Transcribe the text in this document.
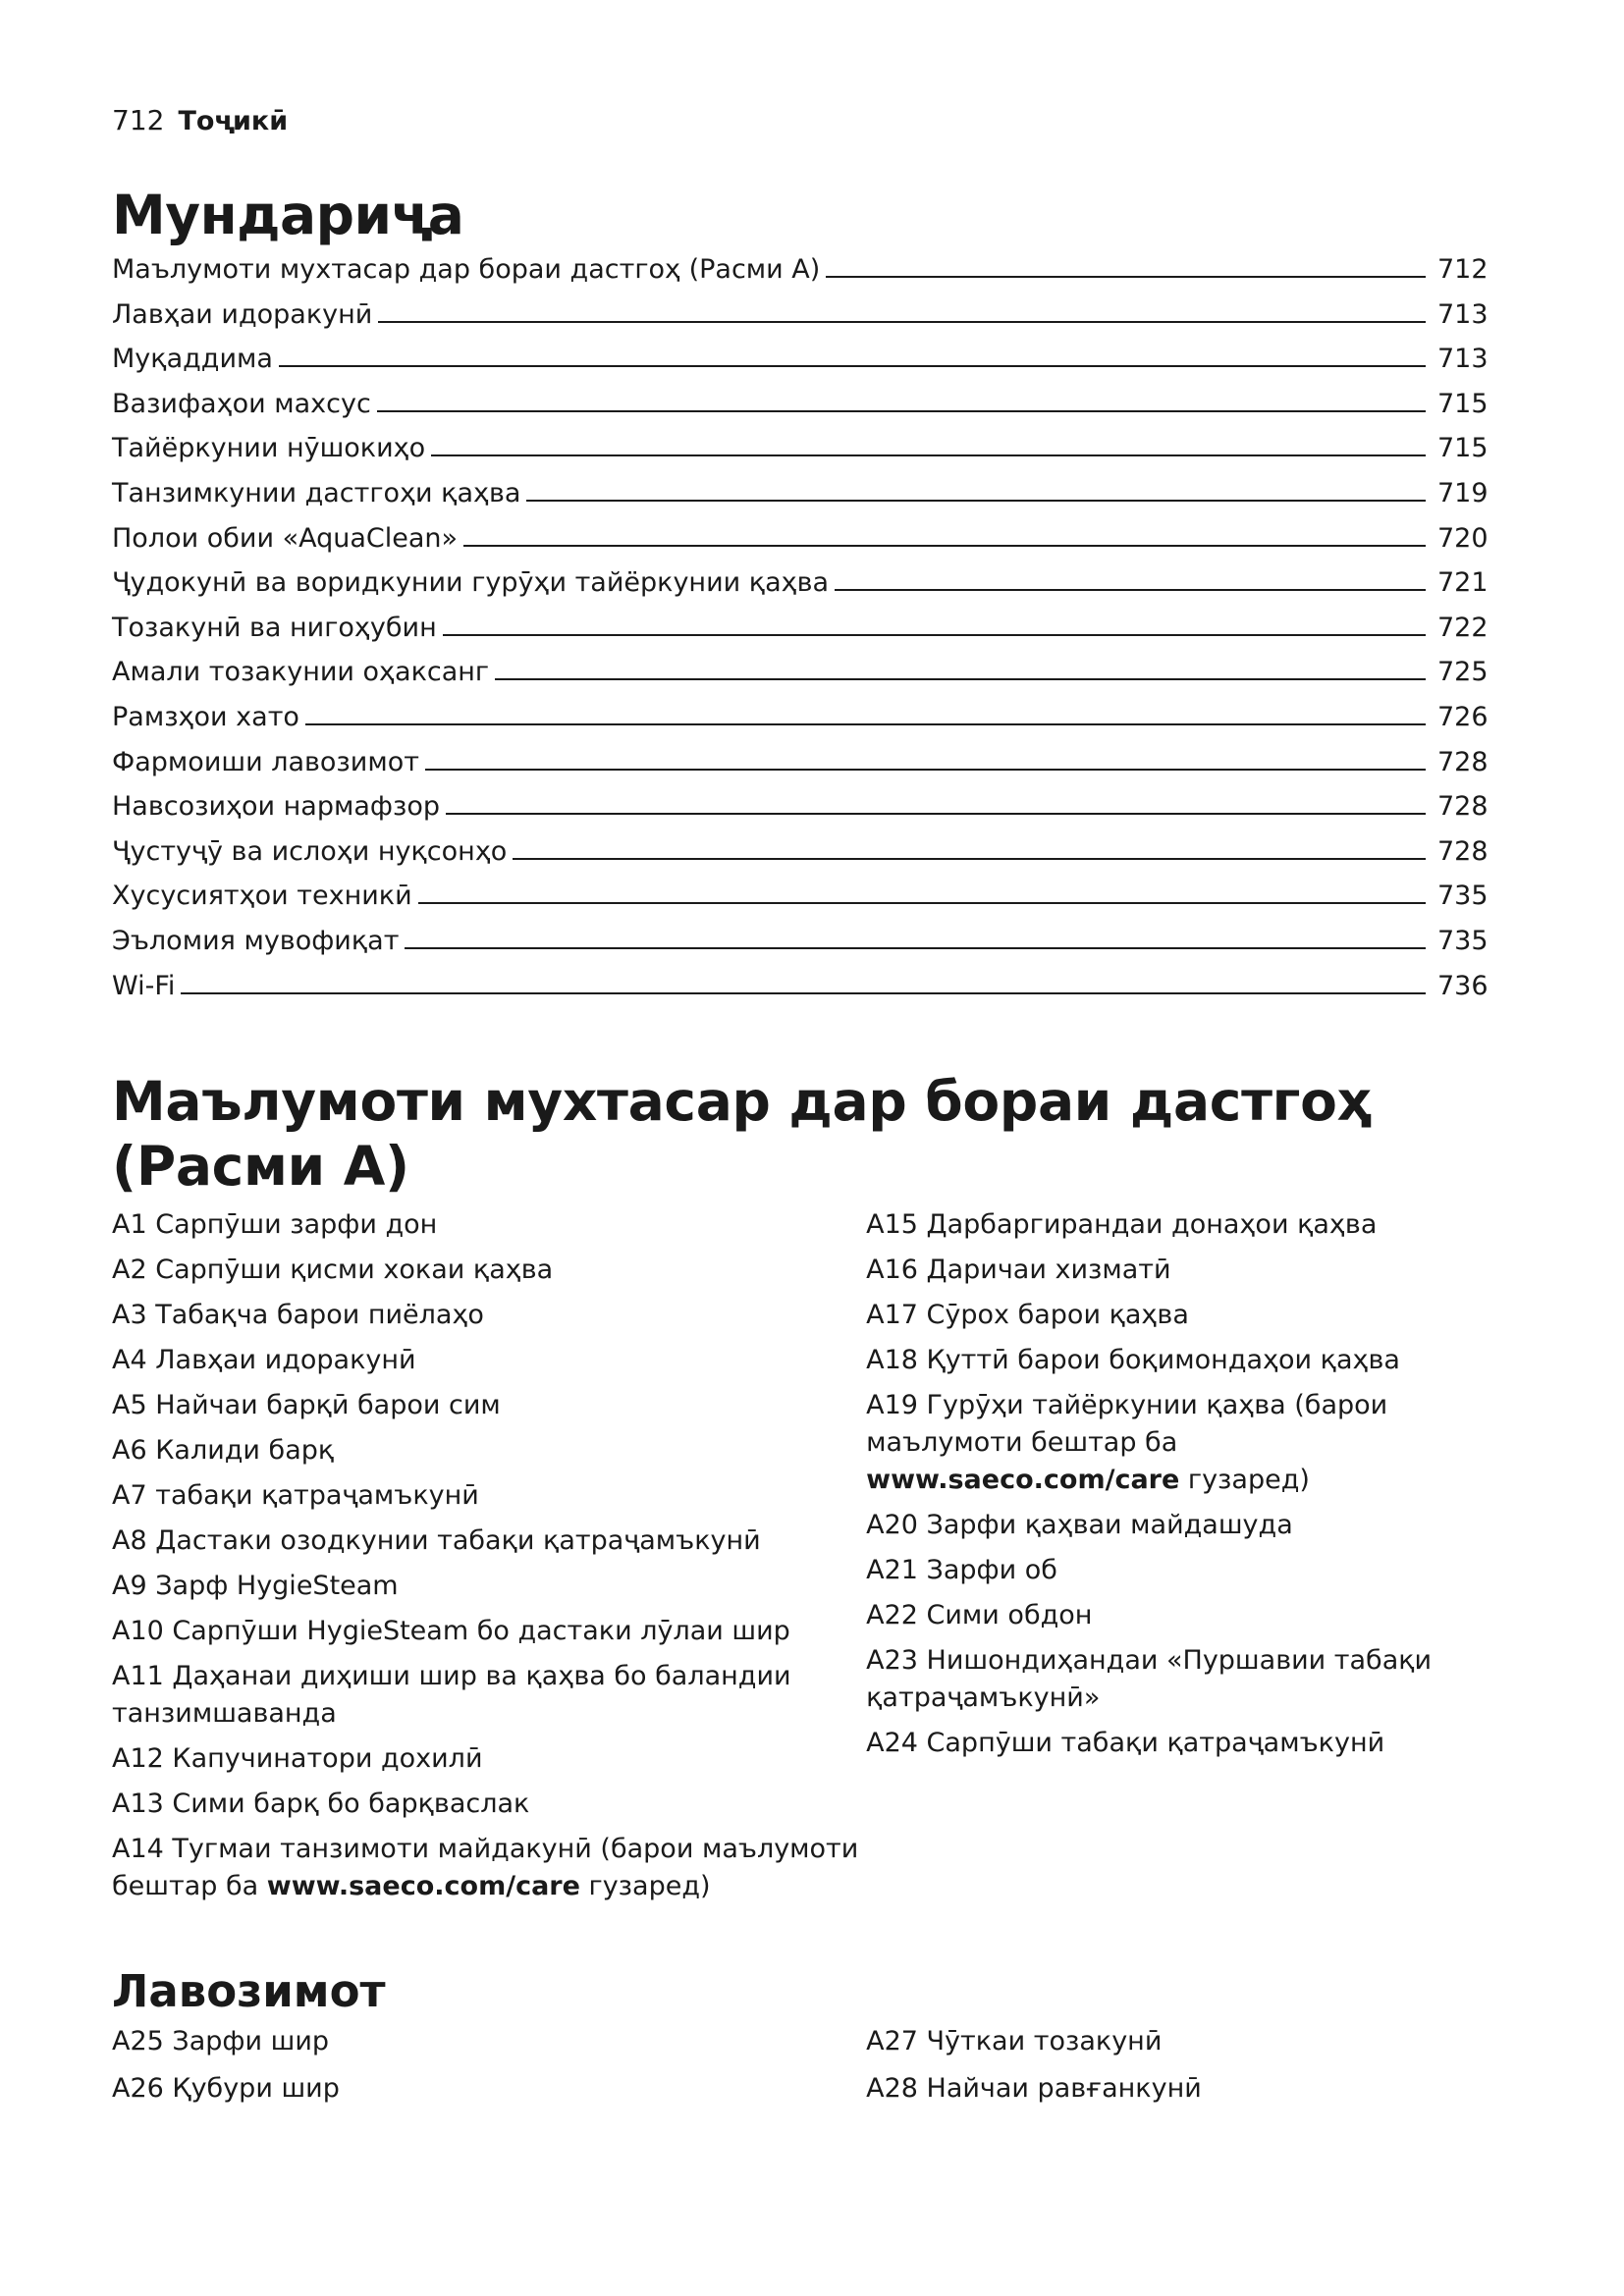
712 Тоҷикӣ
Мундариҷа
Маълумоти мухтасар дар бораи дастгоҳ (Расми A)	712
Лавҳаи идоракунӣ	713
Муқаддима	713
Вазифаҳои махсус	715
Тайёркунии нӯшокиҳо	715
Танзимкунии дастгоҳи қаҳва	719
Полои обии «AquaClean»	720
Ҷудокунӣ ва воридкунии гурӯҳи тайёркунии қаҳва	721
Тозакунӣ ва нигоҳубин	722
Амали тозакунии оҳаксанг	725
Рамзҳои хато	726
Фармоиши лавозимот	728
Навсозиҳои нармафзор	728
Ҷустуҷӯ ва ислоҳи нуқсонҳо	728
Хусусиятҳои техникӣ	735
Эъломия мувофиқат	735
Wi-Fi	736
Маълумоти мухтасар дар бораи дастгоҳ (Расми A)
A1 Сарпӯши зарфи дон
A2 Сарпӯши қисми хокаи қаҳва
A3 Табақча барои пиёлаҳо
A4 Лавҳаи идоракунӣ
A5 Найчаи барқӣ барои сим
A6 Калиди барқ
A7 табақи қатраҷамъкунӣ
A8 Дастаки озодкунии табақи қатраҷамъкунӣ
A9 Зарф HygieSteam
A10 Сарпӯши HygieSteam бо дастаки лӯлаи шир
A11 Даҳанаи диҳиши шир ва қаҳва бо баландии танзимшаванда
A12 Капучинатори дохилӣ
A13 Сими барқ бо барқваслак
A14 Тугмаи танзимоти майдакунӣ (барои маълумоти бештар ба www.saeco.com/care гузаред)
A15 Дарбаргирандаи донаҳои қаҳва
A16 Даричаи хизматӣ
A17 Сӯрох барои қаҳва
A18 Қуттӣ барои боқимондаҳои қаҳва
A19 Гурӯҳи тайёркунии қаҳва (барои маълумоти бештар ба www.saeco.com/care гузаред)
A20 Зарфи қаҳваи майдашуда
A21 Зарфи об
A22 Сими обдон
A23 Нишондиҳандаи «Пуршавии табақи қатраҷамъкунӣ»
A24 Сарпӯши табақи қатраҷамъкунӣ
Лавозимот
A25 Зарфи шир
A26 Қубури шир
A27 Чӯткаи тозакунӣ
A28 Найчаи равғанкунӣ
